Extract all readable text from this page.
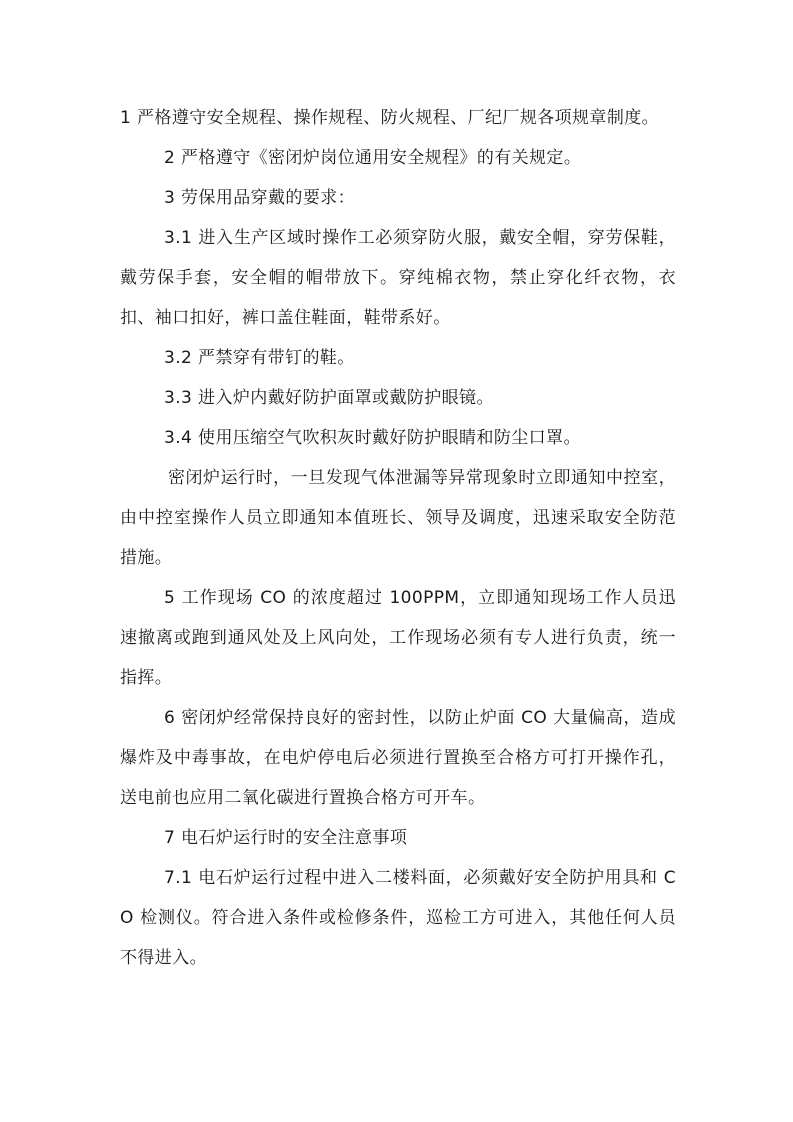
1 严格遵守安全规程、操作规程、防火规程、厂纪厂规各项规章制度。

2 严格遵守《密闭炉岗位通用安全规程》的有关规定。

3 劳保用品穿戴的要求：

3.1 进入生产区域时操作工必须穿防火服，戴安全帽，穿劳保鞋，戴劳保手套，安全帽的帽带放下。穿纯棉衣物，禁止穿化纤衣物，衣扣、袖口扣好，裤口盖住鞋面，鞋带系好。

3.2 严禁穿有带钉的鞋。

3.3 进入炉内戴好防护面罩或戴防护眼镜。

3.4 使用压缩空气吹积灰时戴好防护眼睛和防尘口罩。

密闭炉运行时，一旦发现气体泄漏等异常现象时立即通知中控室，由中控室操作人员立即通知本值班长、领导及调度，迅速采取安全防范措施。

5 工作现场 CO 的浓度超过 100PPM，立即通知现场工作人员迅速撤离或跑到通风处及上风向处，工作现场必须有专人进行负责，统一指挥。

6 密闭炉经常保持良好的密封性，以防止炉面 CO 大量偏高，造成爆炸及中毒事故，在电炉停电后必须进行置换至合格方可打开操作孔，送电前也应用二氧化碳进行置换合格方可开车。

7 电石炉运行时的安全注意事项

7.1 电石炉运行过程中进入二楼料面，必须戴好安全防护用具和 CO 检测仪。符合进入条件或检修条件，巡检工方可进入，其他任何人员不得进入。
